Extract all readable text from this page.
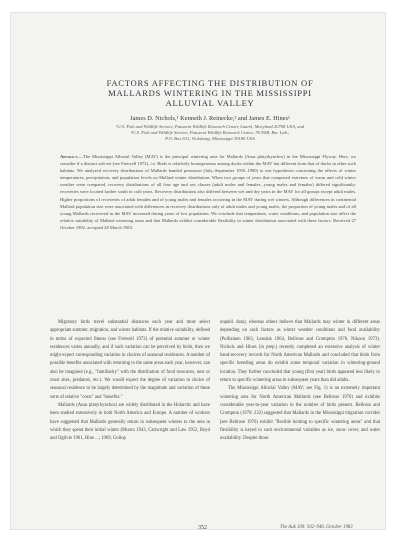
FACTORS AFFECTING THE DISTRIBUTION OF
MALLARDS WINTERING IN THE MISSISSIPPI
ALLUVIAL VALLEY
James D. Nichols,¹ Kenneth J. Reinecke,² and James E. Hines¹
¹U.S. Fish and Wildlife Service, Patuxent Wildlife Research Center, Laurel, Maryland 20708 USA, and
²U.S. Fish and Wildlife Service, Patuxent Wildlife Research Center, 78 NSB, Rm. Lab.,
P.O. Box 631, Vicksburg, Mississippi 39180 USA
Abstract.—The Mississippi Alluvial Valley (MAV) is the principal wintering area for Mallards (Anas platyrhynchos) in the Mississippi Flyway. Here, we consider if a distinct sub-set (see Fretwell 1972), i.e. Birds is relatively homogeneous among ducks within the MAV but different from that of ducks in other such habitats. We analyzed recovery distributions of Mallards banded preseason (July–September 1950–1980) to test hypotheses concerning the effects of winter temperatures, precipitation, and population levels on Mallard winter distribution. When two groups of years that comprised extremes of warm and cold winter weather were compared, recovery distributions of all four age and sex classes (adult males and females, young males and females) differed significantly; recoveries were located farther south in cold years. Recovery distributions also differed between wet and dry years in the MAV for all groups except adult males. Higher proportions of recoveries of adult females and of young males and females occurring in the MAV during wet winters. Although differences in continental Mallard population size were associated with differences in recovery distributions only of adult males and young males, the proportion of young males and of all young Mallards recovered in the MAV increased during years of low population. We conclude that temperature, water conditions, and population size affect the relative suitability of Mallard wintering areas and that Mallards exhibit considerable flexibility in winter distribution associated with these factors. Received 27 October 1982, accepted 28 March 1983.

Migratory birds travel substantial distances each year and must select appropriate summer, migration, and winter habitats. If the relative suitability, defined in terms of expected fitness (see Fretwell 1972) of potential summer or winter residences varies annually, and if such variation can be perceived by birds, then we might expect corresponding variation in choices of seasonal residences. A number of possible benefits associated with returning to the same areas each year, however, can also be imagined (e.g., "familiarity" with the distribution of food resources, nest or roost sites, predators, etc.). We would expect the degree of variation in choice of seasonal residence to be largely determined by the magnitude and variation of these sorts of relative "costs" and "benefits."

Mallards (Anas platyrhynchos) are widely distributed in the Holarctic and have been studied extensively in both North America and Europe. A number of workers have suggested that Mallards generally return in subsequent winters to the area in which they spend their initial winter (Munro 1943, Cartwright and Law 1952, Boyd and Ogilvie 1961, Hine ...; 1969, Gollop

unpubl. data), whereas others believe that Mallards may winter in different areas depending on such factors as winter weather conditions and food availability (Pulliainen 1963, Lensink 1964, Bellrose and Crompton 1970, Nikoon 1973). Nichols and Hines (in prep.) recently completed an extensive analysis of winter band-recovery records for North American Mallards and concluded that birds from specific breeding areas do exhibit some temporal variation in wintering-ground location. They further concluded that young (first year) birds appeared less likely to return to specific wintering areas in subsequent years than did adults.

The Mississippi Alluvial Valley (MAV; see Fig. 1) is an extremely important wintering area for North American Mallards (see Bellrose 1976) and exhibits considerable year-to-year variation in the number of birds present. Bellrose and Crompton (1970: 232) suggested that Mallards in the Mississippi migration corridor (see Bellrose 1976) exhibit "flexible homing to specific wintering areas" and that flexibility is keyed to such environmental variables as ice, snow cover, and water availability. Despite those

352	The Auk 100: 932–946. October 1983
